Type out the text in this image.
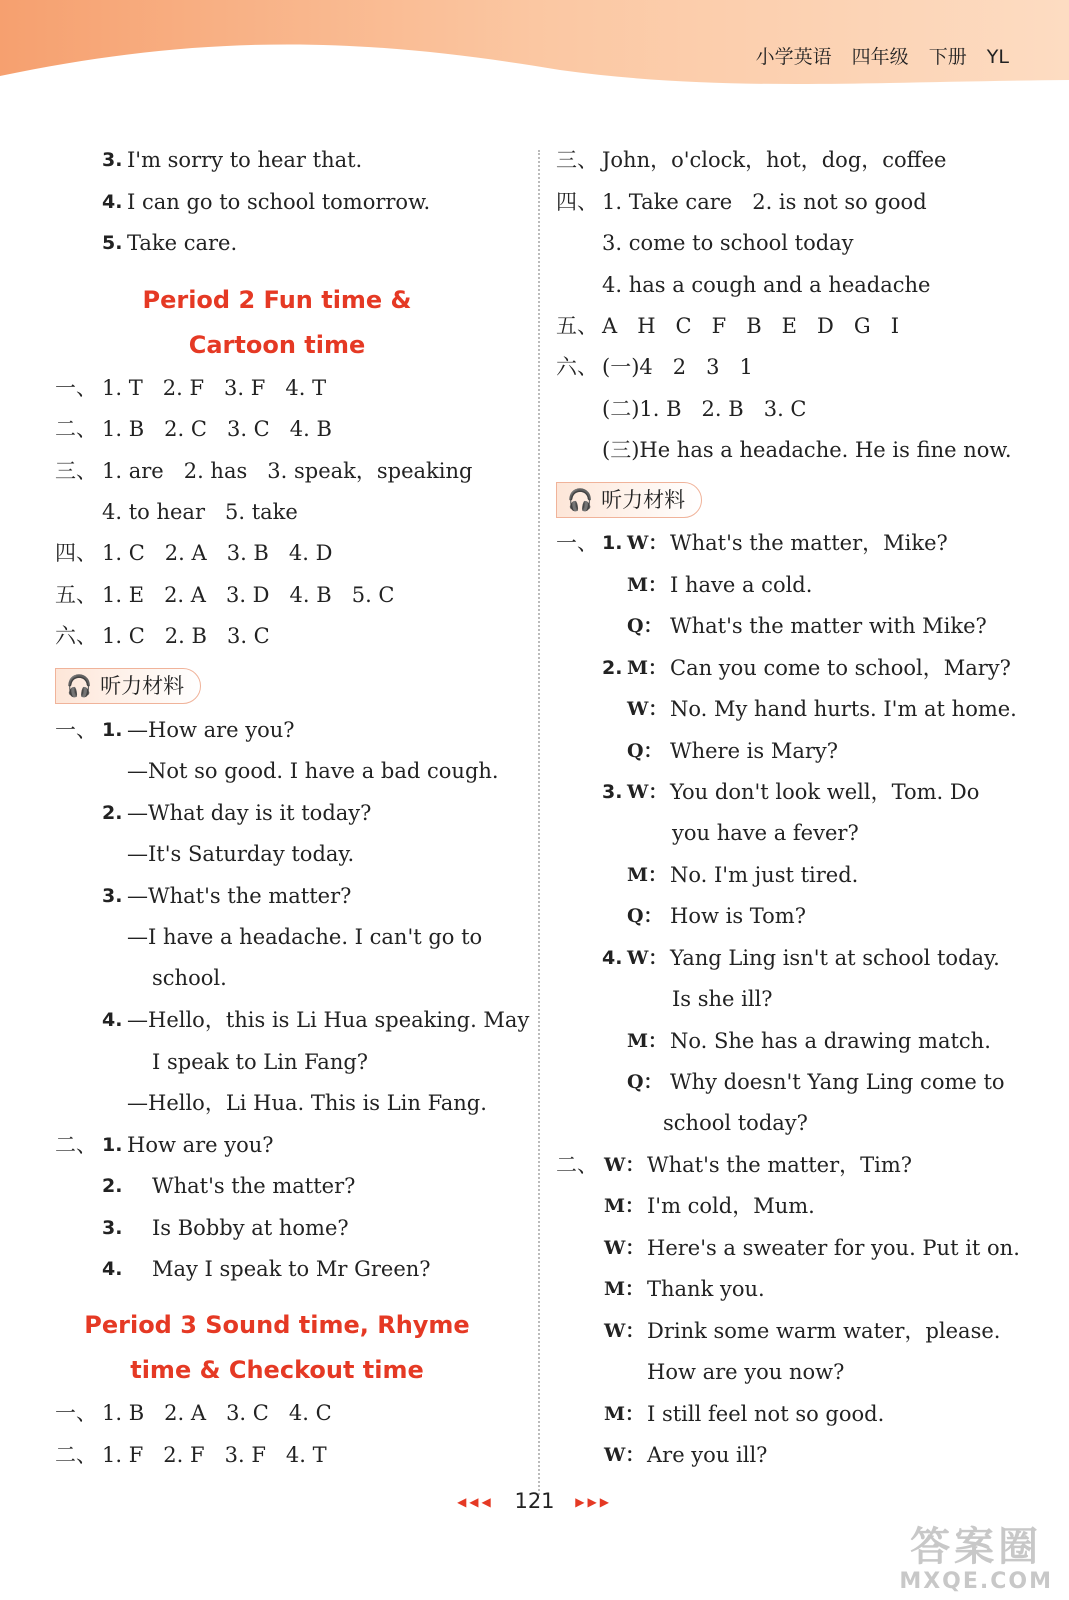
小学英语 四年级 下册 YL
3. I'm sorry to hear that.
4. I can go to school tomorrow.
5. Take care.
Period 2 Fun time &
Cartoon time
一、 1. T   2. F   3. F   4. T
二、 1. B   2. C   3. C   4. B
三、 1. are   2. has   3. speak，speaking
4. to hear   5. take
四、 1. C   2. A   3. B   4. D
五、 1. E   2. A   3. D   4. B   5. C
六、 1. C   2. B   3. C
🎧 听力材料
一、 1. —How are you?
—Not so good. I have a bad cough.
2. —What day is it today?
—It's Saturday today.
3. —What's the matter?
—I have a headache. I can't go to
school.
4. —Hello，this is Li Hua speaking. May
I speak to Lin Fang?
—Hello，Li Hua. This is Lin Fang.
二、 1. How are you?
2. What's the matter?
3. Is Bobby at home?
4. May I speak to Mr Green?
Period 3 Sound time, Rhyme
time & Checkout time
一、 1. B   2. A   3. C   4. C
二、 1. F   2. F   3. F   4. T
三、 John，o'clock，hot，dog，coffee
四、 1. Take care   2. is not so good
3. come to school today
4. has a cough and a headache
五、 A   H   C   F   B   E   D   G   I
六、 (一)4   2   3   1
(二)1. B   2. B   3. C
(三)He has a headache. He is fine now.
🎧 听力材料
一、 1. W： What's the matter，Mike?
M： I have a cold.
Q： What's the matter with Mike?
2. M： Can you come to school，Mary?
W： No. My hand hurts. I'm at home.
Q： Where is Mary?
3. W： You don't look well，Tom. Do
you have a fever?
M： No. I'm just tired.
Q： How is Tom?
4. W： Yang Ling isn't at school today.
Is she ill?
M： No. She has a drawing match.
Q： Why doesn't Yang Ling come to
school today?
二、 W： What's the matter，Tim?
M： I'm cold，Mum.
W： Here's a sweater for you. Put it on.
M： Thank you.
W： Drink some warm water，please.
How are you now?
M： I still feel not so good.
W： Are you ill?
◀◀◀ 121 ▶▶▶
答案圈
MXQE.COM
